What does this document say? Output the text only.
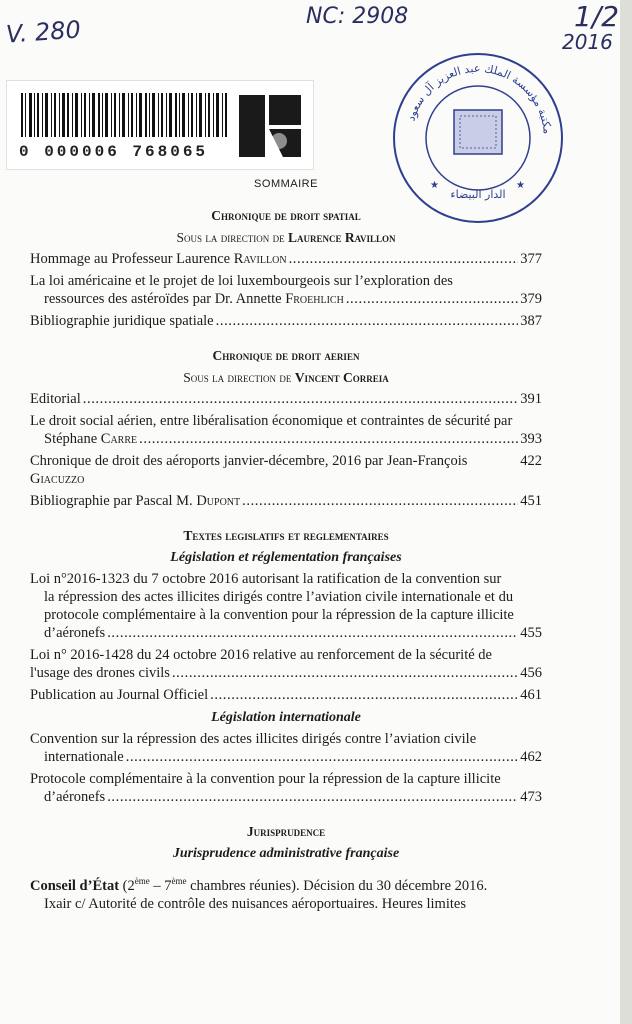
V. 280	NC: 2908	1/2
2016
0 000006 768065
مكتبة مؤسسة الملك عبد العزيز آل سعود
الدار البيضاء
★	★
SOMMAIRE
Chronique de droit spatial
Sous la direction de Laurence Ravillon
Hommage au Professeur Laurence Ravillon .....	377
La loi américaine et le projet de loi luxembourgeois sur l’exploration des
ressources des astéroïdes par Dr. Annette Froehlich .....	379
Bibliographie juridique spatiale .....	387
Chronique de droit aerien
Sous la direction de Vincent Correia
Editorial .....	391
Le droit social aérien, entre libéralisation économique et contraintes de sécurité par
Stéphane Carre .....	393
Chronique de droit des aéroports janvier-décembre, 2016 par Jean-François Giacuzzo
422
Bibliographie par Pascal M. Dupont .....	451
Textes legislatifs et reglementaires
Législation et réglementation françaises
Loi n°2016-1323 du 7 octobre 2016 autorisant la ratification de la convention sur
la répression des actes illicites dirigés contre l’aviation civile internationale et du
protocole complémentaire à la convention pour la répression de la capture illicite
d’aéronefs .....	455
Loi n° 2016-1428 du 24 octobre 2016 relative au renforcement de la sécurité de
l'usage des drones civils .....	456
Publication au Journal Officiel .....	461
Législation internationale
Convention sur la répression des actes illicites dirigés contre l’aviation civile
internationale .....	462
Protocole complémentaire à la convention pour la répression de la capture illicite
d’aéronefs .....	473
Jurisprudence
Jurisprudence administrative française
Conseil d’État (2ème – 7ème chambres réunies). Décision du 30 décembre 2016.
Ixair c/ Autorité de contrôle des nuisances aéroportuaires. Heures limites
